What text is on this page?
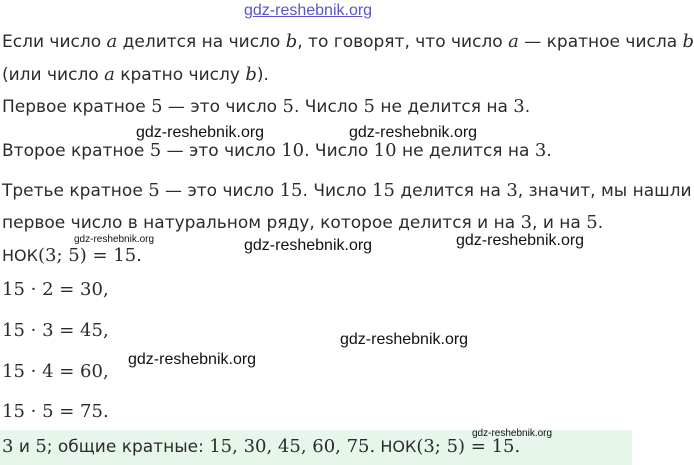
gdz-reshebnik.org
Если число a делится на число b, то говорят, что число a — кратное числа b
(или число a кратно числу b).
Первое кратное 5 — это число 5. Число 5 не делится на 3.
gdz-reshebnik.org	gdz-reshebnik.org
Второе кратное 5 — это число 10. Число 10 не делится на 3.
Третье кратное 5 — это число 15. Число 15 делится на 3, значит, мы нашли
первое число в натуральном ряду, которое делится и на 3, и на 5.
gdz-reshebnik.org	gdz-reshebnik.org	gdz-reshebnik.org
НОК(3; 5) = 15.
15 · 2 = 30,
15 · 3 = 45,	gdz-reshebnik.org
gdz-reshebnik.org
15 · 4 = 60,
15 · 5 = 75.
gdz-reshebnik.org
3 и 5; общие кратные: 15, 30, 45, 60, 75. НОК(3; 5) = 15.
